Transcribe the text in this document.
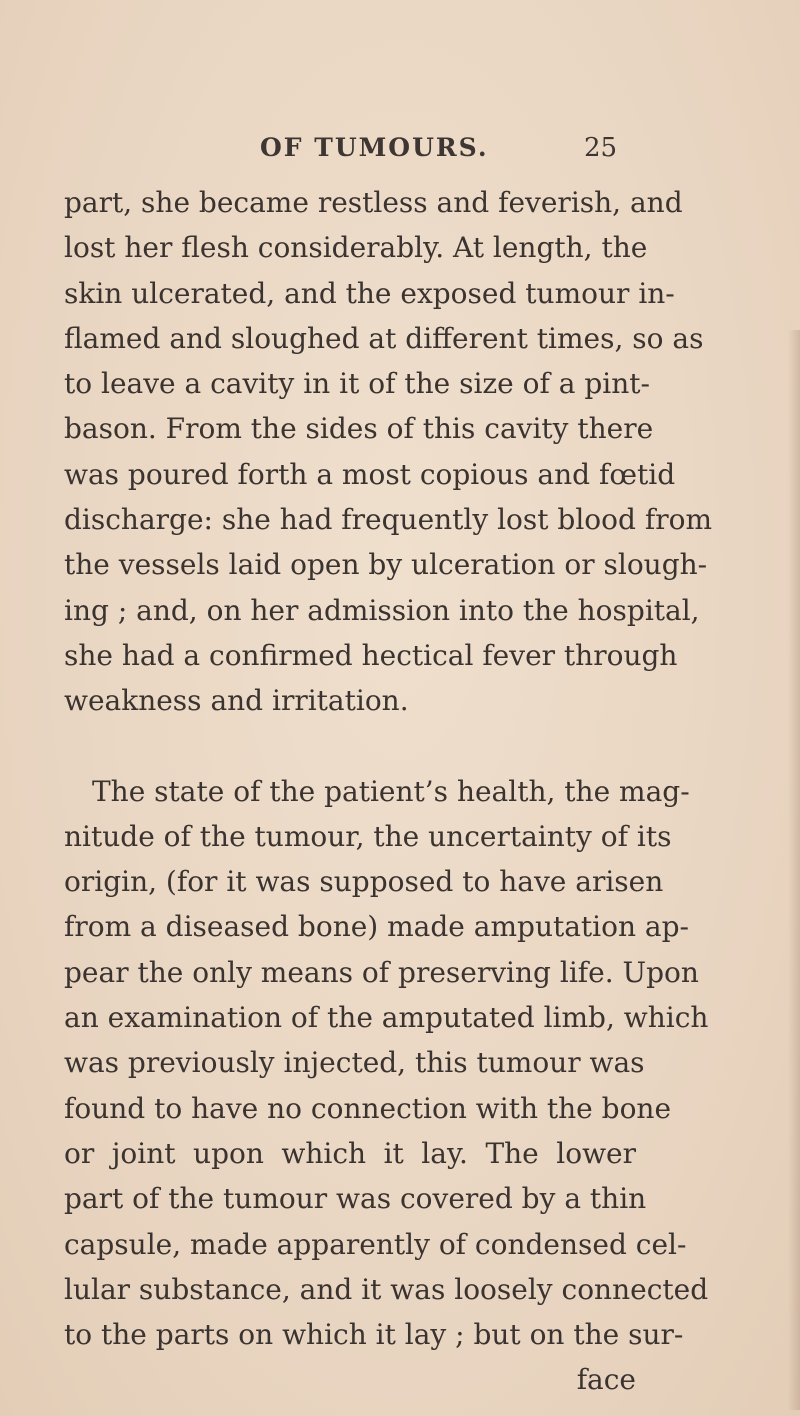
OF TUMOURS.	25
part, she became restless and feverish, and
lost her flesh considerably. At length, the
skin ulcerated, and the exposed tumour in-
flamed and sloughed at different times, so as
to leave a cavity in it of the size of a pint-
bason. From the sides of this cavity there
was poured forth a most copious and fœtid
discharge: she had frequently lost blood from
the vessels laid open by ulceration or slough-
ing ; and, on her admission into the hospital,
she had a confirmed hectical fever through
weakness and irritation.
The state of the patient’s health, the mag-
nitude of the tumour, the uncertainty of its
origin, (for it was supposed to have arisen
from a diseased bone) made amputation ap-
pear the only means of preserving life. Upon
an examination of the amputated limb, which
was previously injected, this tumour was
found to have no connection with the bone
or joint upon which it lay. The lower
part of the tumour was covered by a thin
capsule, made apparently of condensed cel-
lular substance, and it was loosely connected
to the parts on which it lay ; but on the sur-
face
